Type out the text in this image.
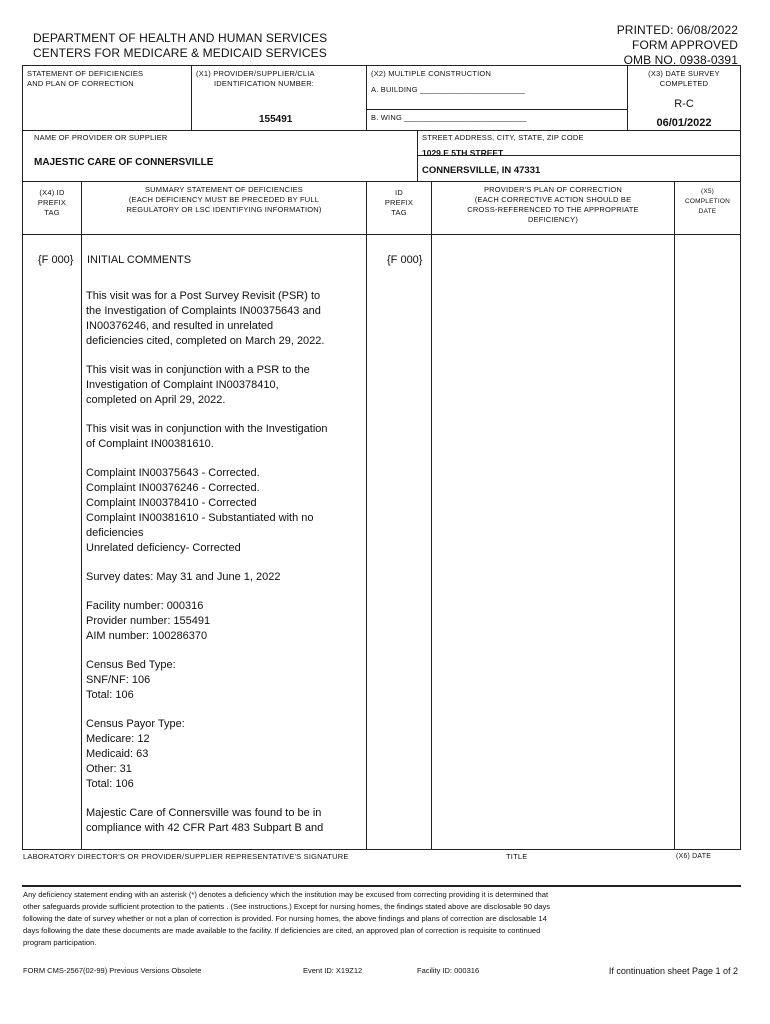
DEPARTMENT OF HEALTH AND HUMAN SERVICES
CENTERS FOR MEDICARE & MEDICAID SERVICES
PRINTED: 06/08/2022
FORM APPROVED
OMB NO. 0938-0391
STATEMENT OF DEFICIENCIES
AND PLAN OF CORRECTION
(X1) PROVIDER/SUPPLIER/CLIA
IDENTIFICATION NUMBER:
155491
(X2) MULTIPLE CONSTRUCTION
A. BUILDING ________________________
B. WING ____________________________
(X3) DATE SURVEY
COMPLETED
R-C
06/01/2022
NAME OF PROVIDER OR SUPPLIER
MAJESTIC CARE OF CONNERSVILLE
STREET ADDRESS, CITY, STATE, ZIP CODE
1029 E 5TH STREET
CONNERSVILLE, IN 47331
(X4) ID
PREFIX
TAG
SUMMARY STATEMENT OF DEFICIENCIES
(EACH DEFICIENCY MUST BE PRECEDED BY FULL
REGULATORY OR LSC IDENTIFYING INFORMATION)
ID
PREFIX
TAG
PROVIDER'S PLAN OF CORRECTION
(EACH CORRECTIVE ACTION SHOULD BE
CROSS-REFERENCED TO THE APPROPRIATE
DEFICIENCY)
(X5)
COMPLETION
DATE
{F 000} INITIAL COMMENTS	{F 000}
This visit was for a Post Survey Revisit (PSR) to
the Investigation of Complaints IN00375643 and
IN00376246, and resulted in unrelated
deficiencies cited, completed on March 29, 2022.
This visit was in conjunction with a PSR to the
Investigation of Complaint IN00378410,
completed on April 29, 2022.
This visit was in conjunction with the Investigation
of Complaint IN00381610.
Complaint IN00375643 - Corrected.
Complaint IN00376246 - Corrected.
Complaint IN00378410 - Corrected
Complaint IN00381610 - Substantiated with no
deficiencies
Unrelated deficiency- Corrected
Survey dates: May 31 and June 1, 2022
Facility number: 000316
Provider number: 155491
AIM number: 100286370
Census Bed Type:
SNF/NF: 106
Total: 106
Census Payor Type:
Medicare: 12
Medicaid: 63
Other: 31
Total: 106
Majestic Care of Connersville was found to be in
compliance with 42 CFR Part 483 Subpart B and
LABORATORY DIRECTOR'S OR PROVIDER/SUPPLIER REPRESENTATIVE'S SIGNATURE	TITLE	(X6) DATE
Any deficiency statement ending with an asterisk (*) denotes a deficiency which the institution may be excused from correcting providing it is determined that
other safeguards provide sufficient protection to the patients . (See instructions.) Except for nursing homes, the findings stated above are disclosable 90 days
following the date of survey whether or not a plan of correction is provided. For nursing homes, the above findings and plans of correction are disclosable 14
days following the date these documents are made available to the facility. If deficiencies are cited, an approved plan of correction is requisite to continued
program participation.
FORM CMS-2567(02-99) Previous Versions Obsolete	Event ID: X19Z12	Facility ID: 000316	If continuation sheet Page 1 of 2
